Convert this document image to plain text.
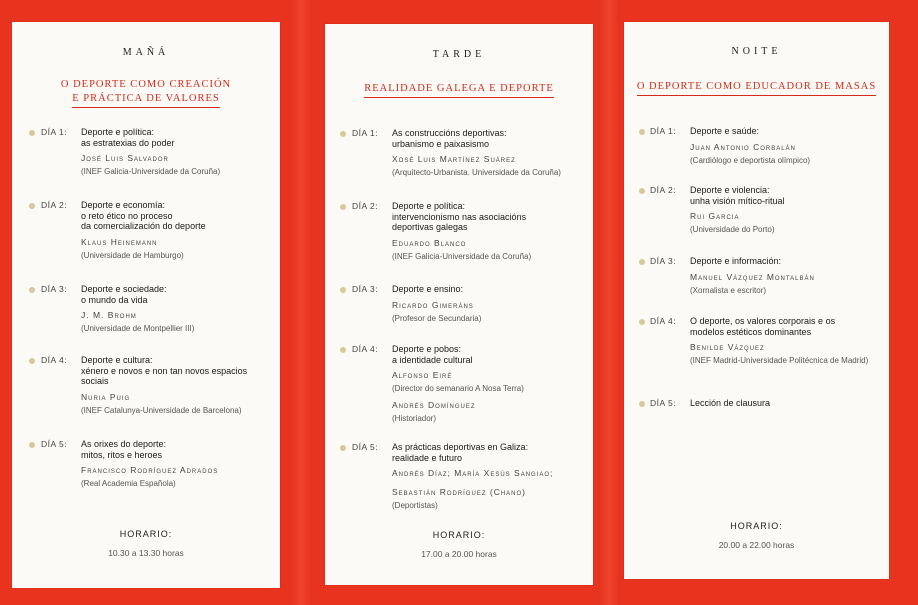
MAÑÁ
O DEPORTE COMO CREACIÓN
E PRÁCTICA DE VALORES
DÍA 1: Deporte e política:
as estratexias do poder
José Luis Salvador
(INEF Galicia-Universidade da Coruña)
DÍA 2: Deporte e economía:
o reto ético no proceso
da comercialización do deporte
Klaus Heinemann
(Universidade de Hamburgo)
DÍA 3: Deporte e sociedade:
o mundo da vida
J. M. Brohm
(Universidade de Montpellier III)
DÍA 4: Deporte e cultura:
xénero e novos e non tan novos espacios
sociais
Nuria Puig
(INEF Catalunya-Universidade de Barcelona)
DÍA 5: As orixes do deporte:
mitos, ritos e heroes
Francisco Rodríguez Adrados
(Real Academia Española)
HORARIO:
10.30 a 13.30 horas
TARDE
REALIDADE GALEGA E DEPORTE
DÍA 1: As construccións deportivas:
urbanismo e paixasismo
Xosé Luis Martínez Suárez
(Arquitecto-Urbanista. Universidade da Coruña)
DÍA 2: Deporte e política:
intervencionismo nas asociacións
deportivas galegas
Eduardo Blanco
(INEF Galicia-Universidade da Coruña)
DÍA 3: Deporte e ensino:
Ricardo Gimeráns
(Profesor de Secundaria)
DÍA 4: Deporte e pobos:
a identidade cultural
Alfonso Eiré
(Director do semanario A Nosa Terra)
Andrés Domínguez
(Historiador)
DÍA 5: As prácticas deportivas en Galiza:
realidade e futuro
Andrés Díaz; María Xesús Sangiao;
Sebastián Rodríguez (Chano)
(Deportistas)
HORARIO:
17.00 a 20.00 horas
NOITE
O DEPORTE COMO EDUCADOR DE MASAS
DÍA 1: Deporte e saúde:
Juan Antonio Corbalán
(Cardiólogo e deportista olímpico)
DÍA 2: Deporte e violencia:
unha visión mítico-ritual
Rui Garcia
(Universidade do Porto)
DÍA 3: Deporte e información:
Manuel Vázquez Montalbán
(Xornalista e escritor)
DÍA 4: O deporte, os valores corporais e os
modelos estéticos dominantes
Benilde Vázquez
(INEF Madrid-Universidade Politécnica de Madrid)
DÍA 5: Lección de clausura
HORARIO:
20.00 a 22.00 horas
